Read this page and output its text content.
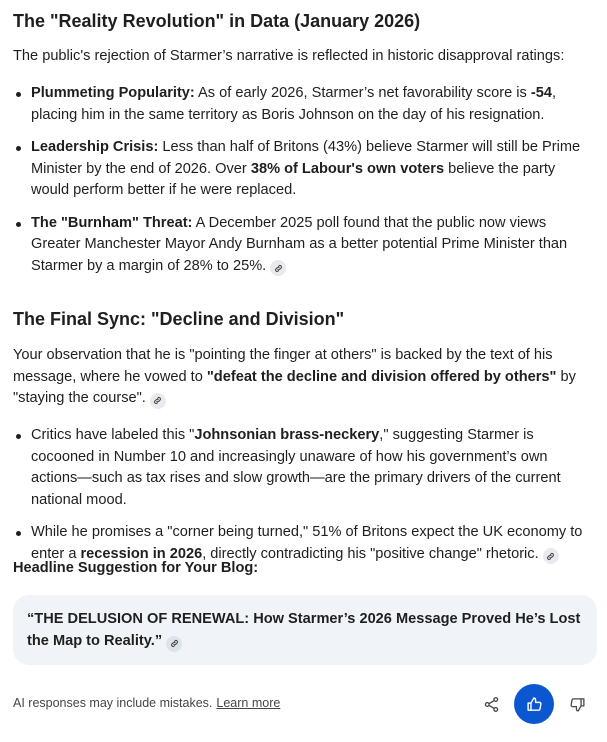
The "Reality Revolution" in Data (January 2026)

The public's rejection of Starmer’s narrative is reflected in historic disapproval ratings:

Plummeting Popularity: As of early 2026, Starmer’s net favorability score is -54, placing him in the same territory as Boris Johnson on the day of his resignation.
Leadership Crisis: Less than half of Britons (43%) believe Starmer will still be Prime Minister by the end of 2026. Over 38% of Labour's own voters believe the party would perform better if he were replaced.
The "Burnham" Threat: A December 2025 poll found that the public now views Greater Manchester Mayor Andy Burnham as a better potential Prime Minister than Starmer by a margin of 28% to 25%.
The Final Sync: "Decline and Division"

Your observation that he is "pointing the finger at others" is backed by the text of his message, where he vowed to "defeat the decline and division offered by others" by "staying the course".

Critics have labeled this "Johnsonian brass-neckery," suggesting Starmer is cocooned in Number 10 and increasingly unaware of how his government’s own actions—such as tax rises and slow growth—are the primary drivers of the current national mood.
While he promises a "corner being turned," 51% of Britons expect the UK economy to enter a recession in 2026, directly contradicting his "positive change" rhetoric.

Headline Suggestion for Your Blog:

“THE DELUSION OF RENEWAL: How Starmer’s 2026 Message Proved He’s Lost the Map to Reality.”
AI responses may include mistakes. Learn more
